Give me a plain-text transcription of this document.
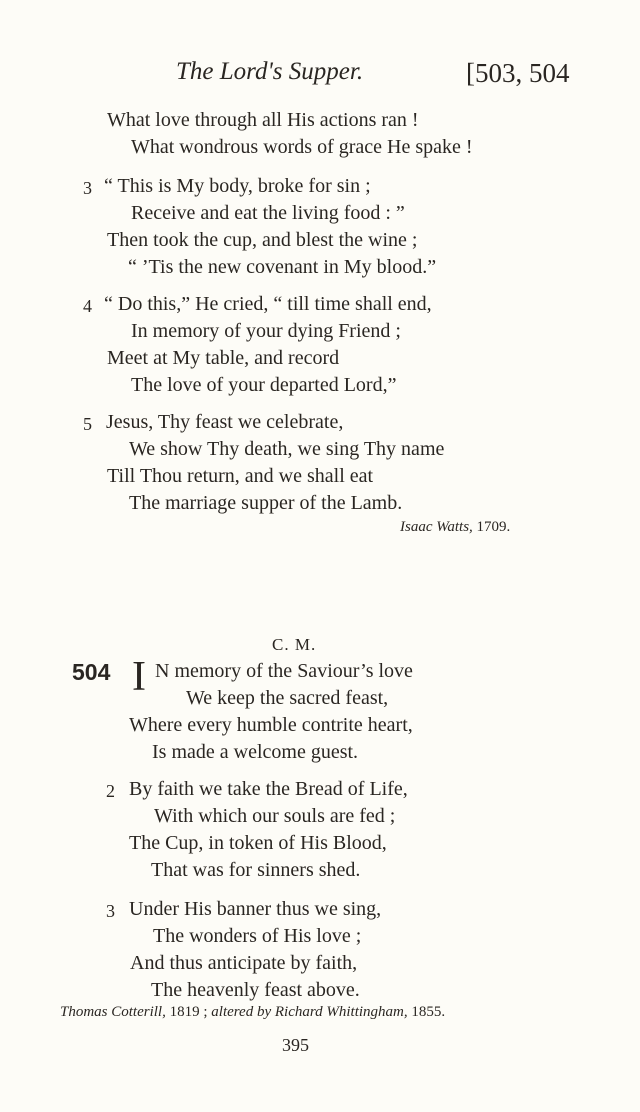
The Lord's Supper.	[503, 504
What love through all His actions ran !
What wondrous words of grace He spake !
3 “ This is My body, broke for sin ;
Receive and eat the living food : ”
Then took the cup, and blest the wine ;
“ ’Tis the new covenant in My blood.”
4 “ Do this,” He cried, “ till time shall end,
In memory of your dying Friend ;
Meet at My table, and record
The love of your departed Lord,”
5 Jesus, Thy feast we celebrate,
We show Thy death, we sing Thy name
Till Thou return, and we shall eat
The marriage supper of the Lamb.
Isaac Watts, 1709.
C. M.
504 I N memory of the Saviour’s love
We keep the sacred feast,
Where every humble contrite heart,
Is made a welcome guest.
2 By faith we take the Bread of Life,
With which our souls are fed ;
The Cup, in token of His Blood,
That was for sinners shed.
3 Under His banner thus we sing,
The wonders of His love ;
And thus anticipate by faith,
The heavenly feast above.
Thomas Cotterill, 1819 ; altered by Richard Whittingham, 1855.
395
